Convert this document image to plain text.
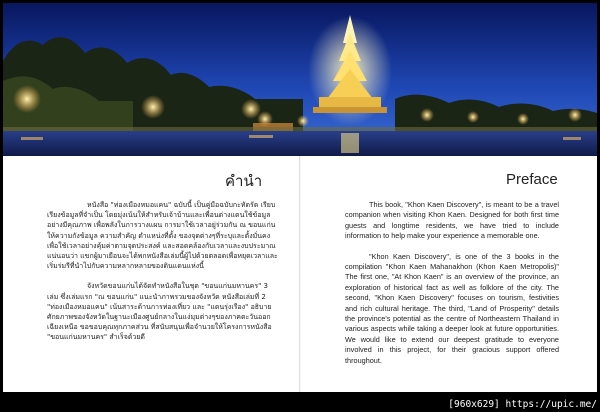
คำนำ

หนังสือ "ท่องเมืองหมอแคน" ฉบับนี้ เป็นคู่มือฉบับกะทัดรัด เรียบเรียงข้อมูลที่จำเป็น โดยมุ่งเน้นให้สำหรับเจ้าบ้านและเพื่อนต่างแดนใช้ข้อมูลอย่างมีคุณภาพ เพื่อพลังในการวางแผน การมาใช้เวลาอยู่ร่วมกัน ณ ขอนแก่น ให้ความกังข้อมูล ความสำคัญ ตำแหน่งที่ตั้ง ของจุดต่างๆที่ระบุและตั้งมั่นคง เพื่อใช้เวลาอย่างคุ้มค่าตามจุดประสงค์ และสอดคล้องกับเวลาและงบประมาณ แน่นอนว่า แขกผู้มาเยือนจะได้พกหนังสือเล่มนี้ผู้ไปด้วยตลอดเพื่อหยุดเวลาและเริ่มร่มรีที่นำไปกับความหลากหลายของดินแดนแห่งนี้

จังหวัดขอนแก่นได้จัดทำหนังสือในชุด "ขอนแก่นมหานคร" 3 เล่ม ซึ่งเล่มแรก "ณ ขอนแก่น" แนะนำภาพรวมของจังหวัด หนังสือเล่มที่ 2 "ท่องเมืองหมอแคน" เน้นสาระด้านการท่องเที่ยว และ "แดนรุ่งเรือง" อธิบายศักยภาพของจังหวัดในฐานะเมืองศูนย์กลางในแง่มุมต่างๆของภาคตะวันออกเฉียงเหนือ ขอขอบคุณทุกภาคส่วน ที่สนับสนุนเพื่อจำนวยให้โครงการหนังสือ "ขอนแก่นมหานคร" สำเร็จด้วยดี

Preface

This book, "Khon Kaen Discovery", is meant to be a travel companion when visiting Khon Kaen. Designed for both first time guests and longtime residents, we have tried to include information to help make your experience a memorable one.

"Khon Kaen Discovery", is one of the 3 books in the compilation "Khon Kaen Mahanakhon (Khon Kaen Metropolis)" The first one, "At Khon Kaen" is an overview of the province, an exploration of historical fact as well as folklore of the city. The second, "Khon Kaen Discovery" focuses on tourism, festivities and rich cultural heritage. The third, "Land of Prosperity" details the province's potential as the centre of Northeastern Thailand in various aspects while taking a deeper look at future opportunities. We would like to extend our deepest gratitude to everyone involved in this project, for their gracious support offered throughout.

[960x629] https://upic.me/
